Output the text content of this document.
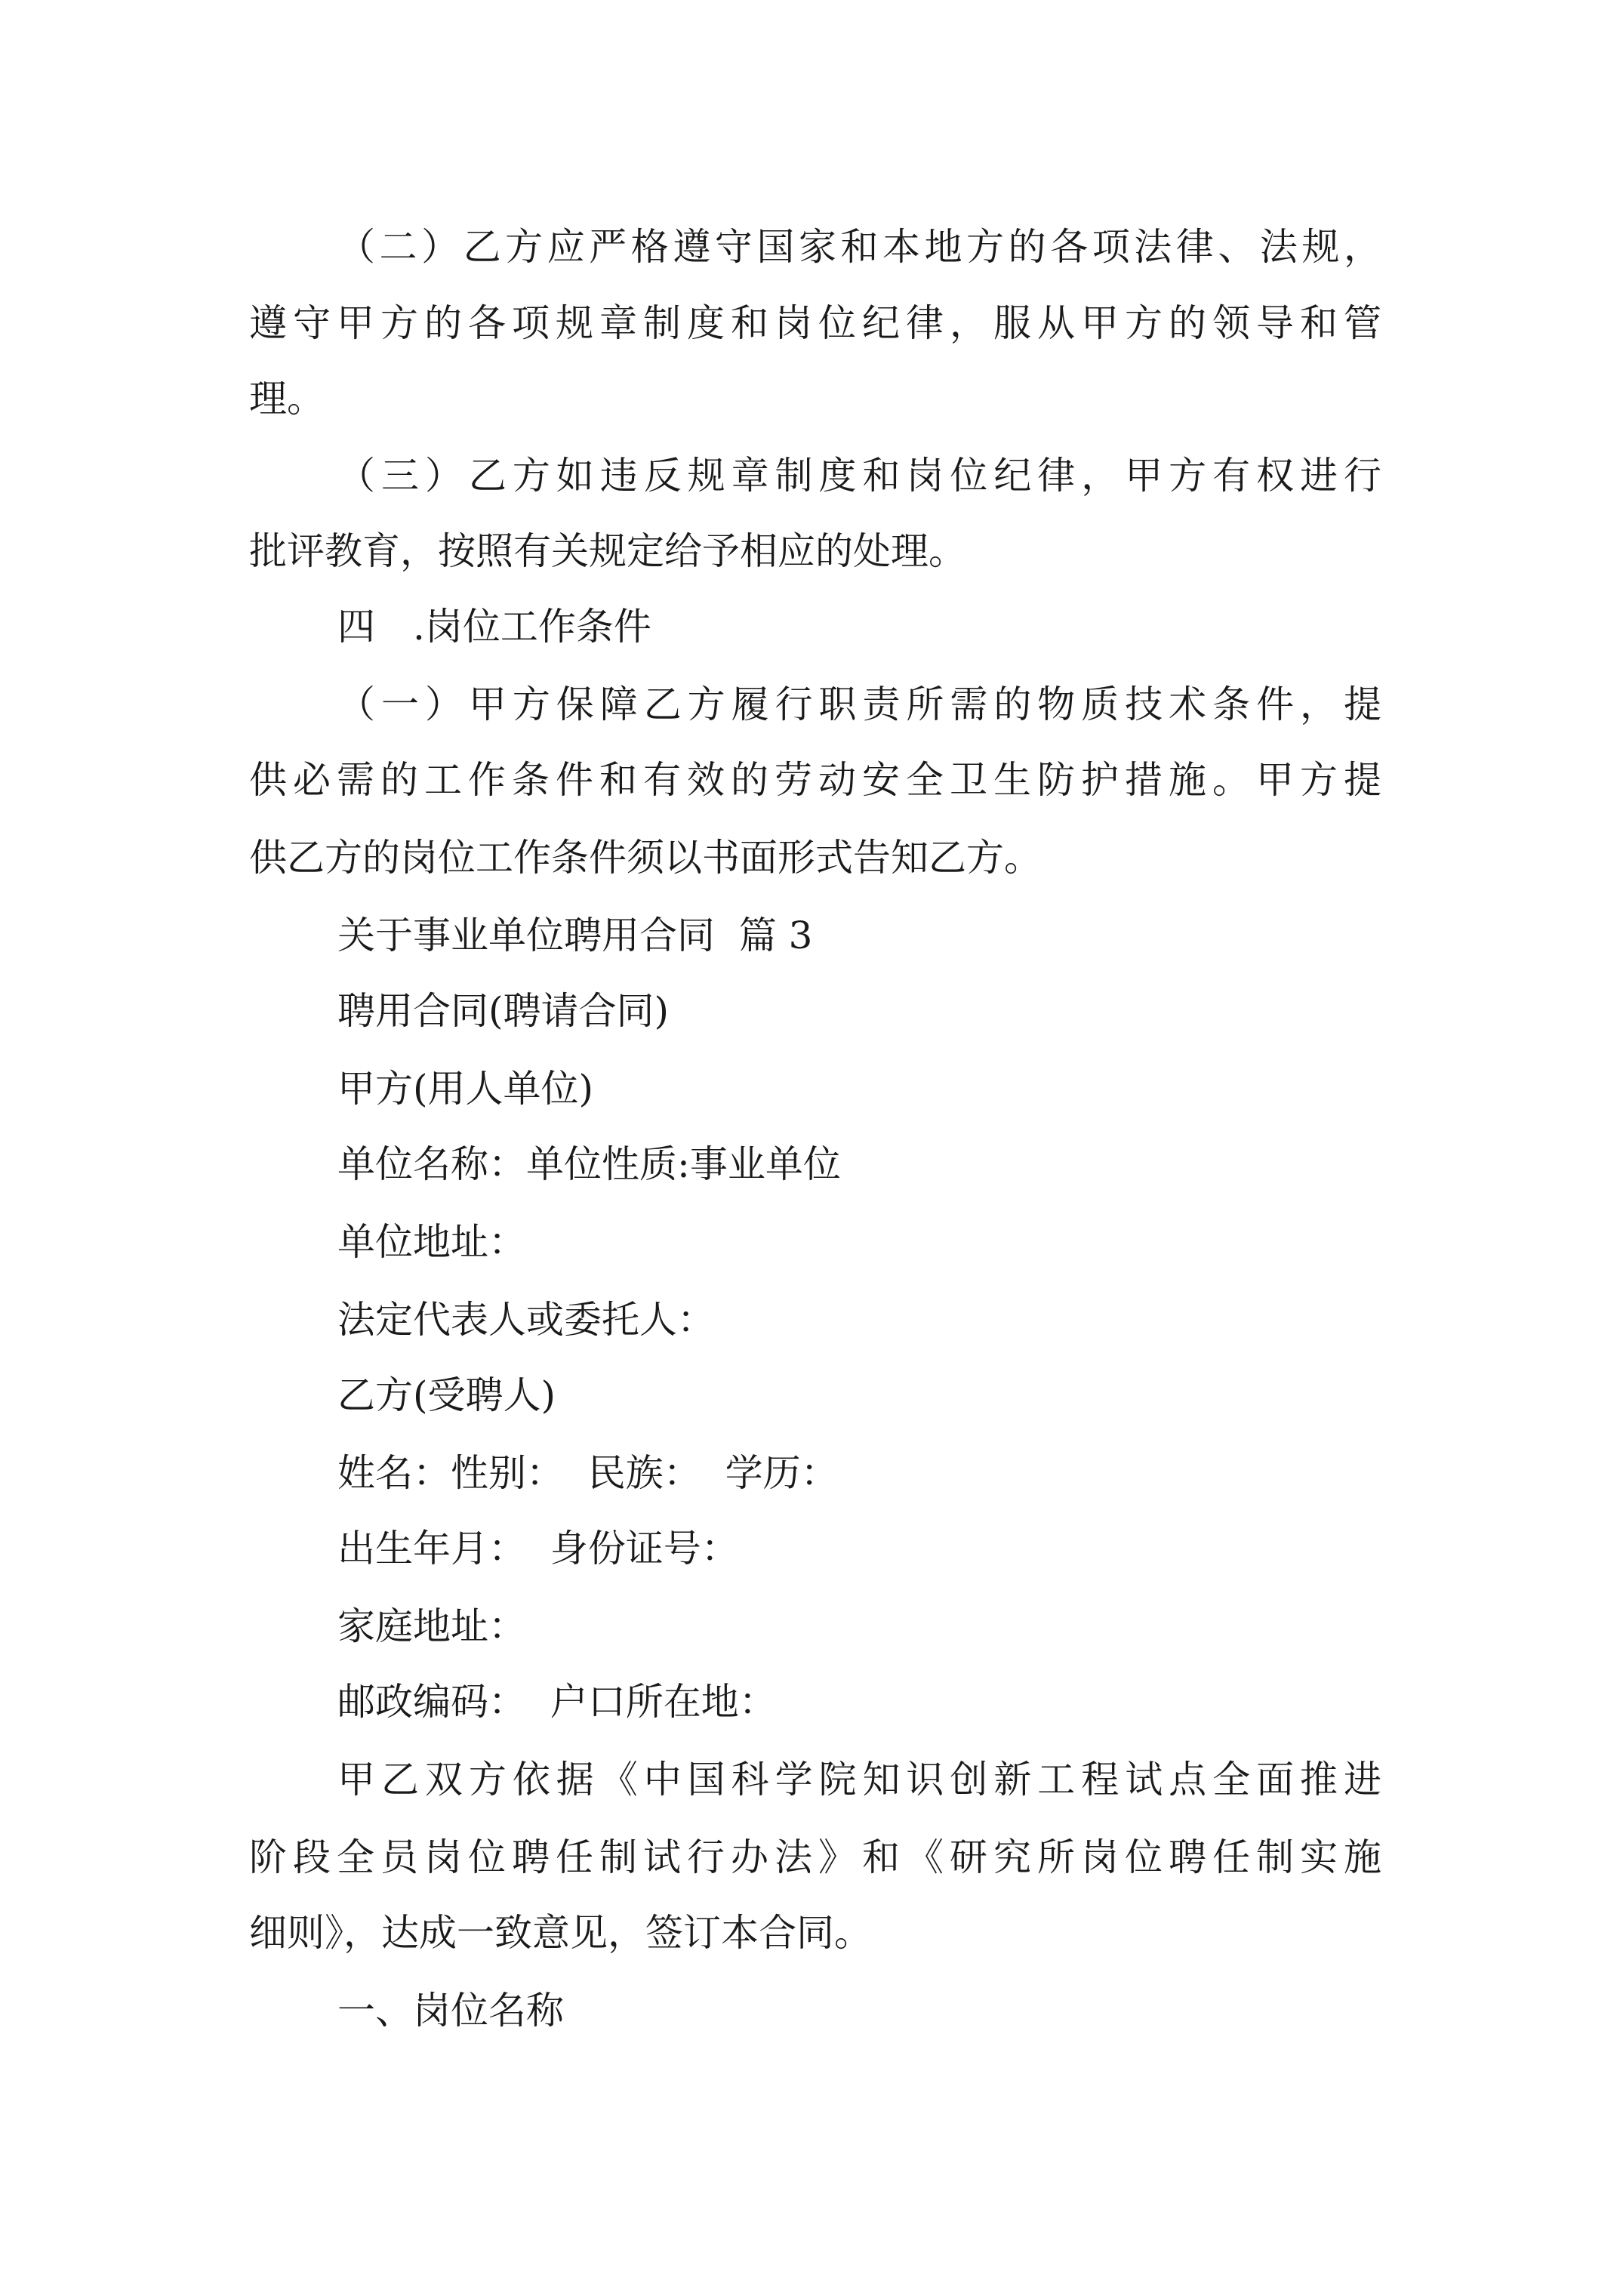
（二）乙方应严格遵守国家和本地方的各项法律、法规，
遵守甲方的各项规章制度和岗位纪律，服从甲方的领导和管
理。
（三）乙方如违反规章制度和岗位纪律，甲方有权进行
批评教育，按照有关规定给予相应的处理。
四　.岗位工作条件
（一）甲方保障乙方履行职责所需的物质技术条件，提
供必需的工作条件和有效的劳动安全卫生防护措施。甲方提
供乙方的岗位工作条件须以书面形式告知乙方。
关于事业单位聘用合同  篇 3
聘用合同(聘请合同)
甲方(用人单位)
单位名称：单位性质:事业单位
单位地址：
法定代表人或委托人：
乙方(受聘人)
姓名：性别：  民族：  学历：
出生年月：  身份证号：
家庭地址：
邮政编码：  户口所在地：
甲乙双方依据《中国科学院知识创新工程试点全面推进
阶段全员岗位聘任制试行办法》和《研究所岗位聘任制实施
细则》，达成一致意见，签订本合同。
一、岗位名称
